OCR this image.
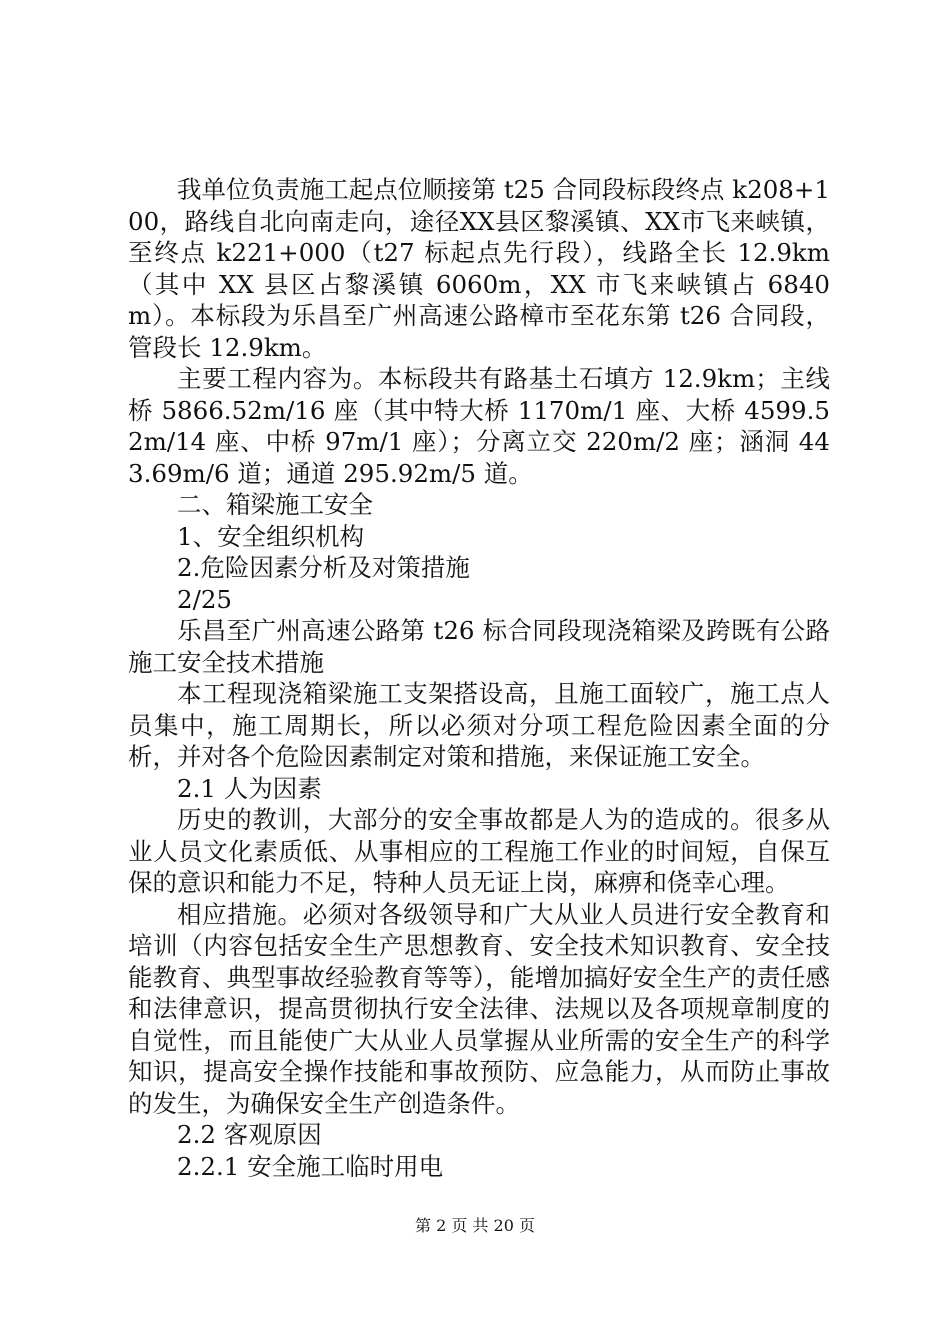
我单位负责施工起点位顺接第 t25 合同段标段终点 k208+100，路线自北向南走向，途径XX县区黎溪镇、XX市飞来峡镇，至终点 k221+000（t27 标起点先行段），线路全长 12.9km（其中 XX 县区占黎溪镇 6060m，XX 市飞来峡镇占 6840m）。本标段为乐昌至广州高速公路樟市至花东第 t26 合同段，管段长 12.9km。

主要工程内容为。本标段共有路基土石填方 12.9km；主线桥 5866.52m/16 座（其中特大桥 1170m/1 座、大桥 4599.52m/14 座、中桥 97m/1 座）；分离立交 220m/2 座；涵洞 443.69m/6 道；通道 295.92m/5 道。

二、箱梁施工安全

1、安全组织机构

2.危险因素分析及对策措施

2/25

乐昌至广州高速公路第 t26 标合同段现浇箱梁及跨既有公路施工安全技术措施

本工程现浇箱梁施工支架搭设高，且施工面较广，施工点人员集中，施工周期长，所以必须对分项工程危险因素全面的分析，并对各个危险因素制定对策和措施，来保证施工安全。

2.1 人为因素

历史的教训，大部分的安全事故都是人为的造成的。很多从业人员文化素质低、从事相应的工程施工作业的时间短，自保互保的意识和能力不足，特种人员无证上岗，麻痹和侥幸心理。

相应措施。必须对各级领导和广大从业人员进行安全教育和培训（内容包括安全生产思想教育、安全技术知识教育、安全技能教育、典型事故经验教育等等），能增加搞好安全生产的责任感和法律意识，提高贯彻执行安全法律、法规以及各项规章制度的自觉性，而且能使广大从业人员掌握从业所需的安全生产的科学知识，提高安全操作技能和事故预防、应急能力，从而防止事故的发生，为确保安全生产创造条件。

2.2 客观原因

2.2.1 安全施工临时用电

第 2 页 共 20 页
